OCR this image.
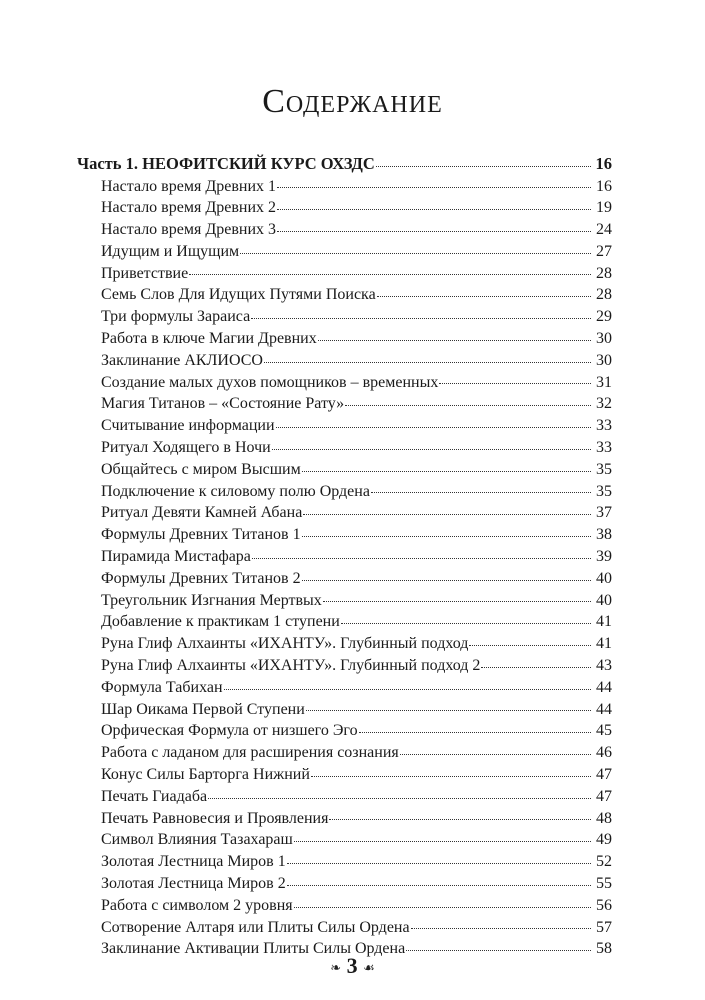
Содержание
Часть 1. НЕОФИТСКИЙ КУРС ОХЗДС	16
Настало время Древних 1	16
Настало время Древних 2	19
Настало время Древних 3	24
Идущим и Ищущим	27
Приветствие	28
Семь Слов Для Идущих Путями Поиска	28
Три формулы Зараиса	29
Работа в ключе Магии Древних	30
Заклинание АКЛИОСО	30
Создание малых духов помощников – временных	31
Магия Титанов – «Состояние Рату»	32
Считывание информации	33
Ритуал Ходящего в Ночи	33
Общайтесь с миром Высшим	35
Подключение к силовому полю Ордена	35
Ритуал Девяти Камней Абана	37
Формулы Древних Титанов 1	38
Пирамида Мистафара	39
Формулы Древних Титанов 2	40
Треугольник Изгнания Мертвых	40
Добавление к практикам 1 ступени	41
Руна Глиф Алхаинты «ИХАНТУ». Глубинный подход	41
Руна Глиф Алхаинты «ИХАНТУ». Глубинный подход 2	43
Формула Табихан	44
Шар Оикама Первой Ступени	44
Орфическая Формула от низшего Эго	45
Работа с ладаном для расширения сознания	46
Конус Силы Барторга Нижний	47
Печать Гиадаба	47
Печать Равновесия и Проявления	48
Символ Влияния Тазахараш	49
Золотая Лестница Миров 1	52
Золотая Лестница Миров 2	55
Работа с символом 2 уровня	56
Сотворение Алтаря или Плиты Силы Ордена	57
Заклинание Активации Плиты Силы Ордена	58
❧ 3 ☙
